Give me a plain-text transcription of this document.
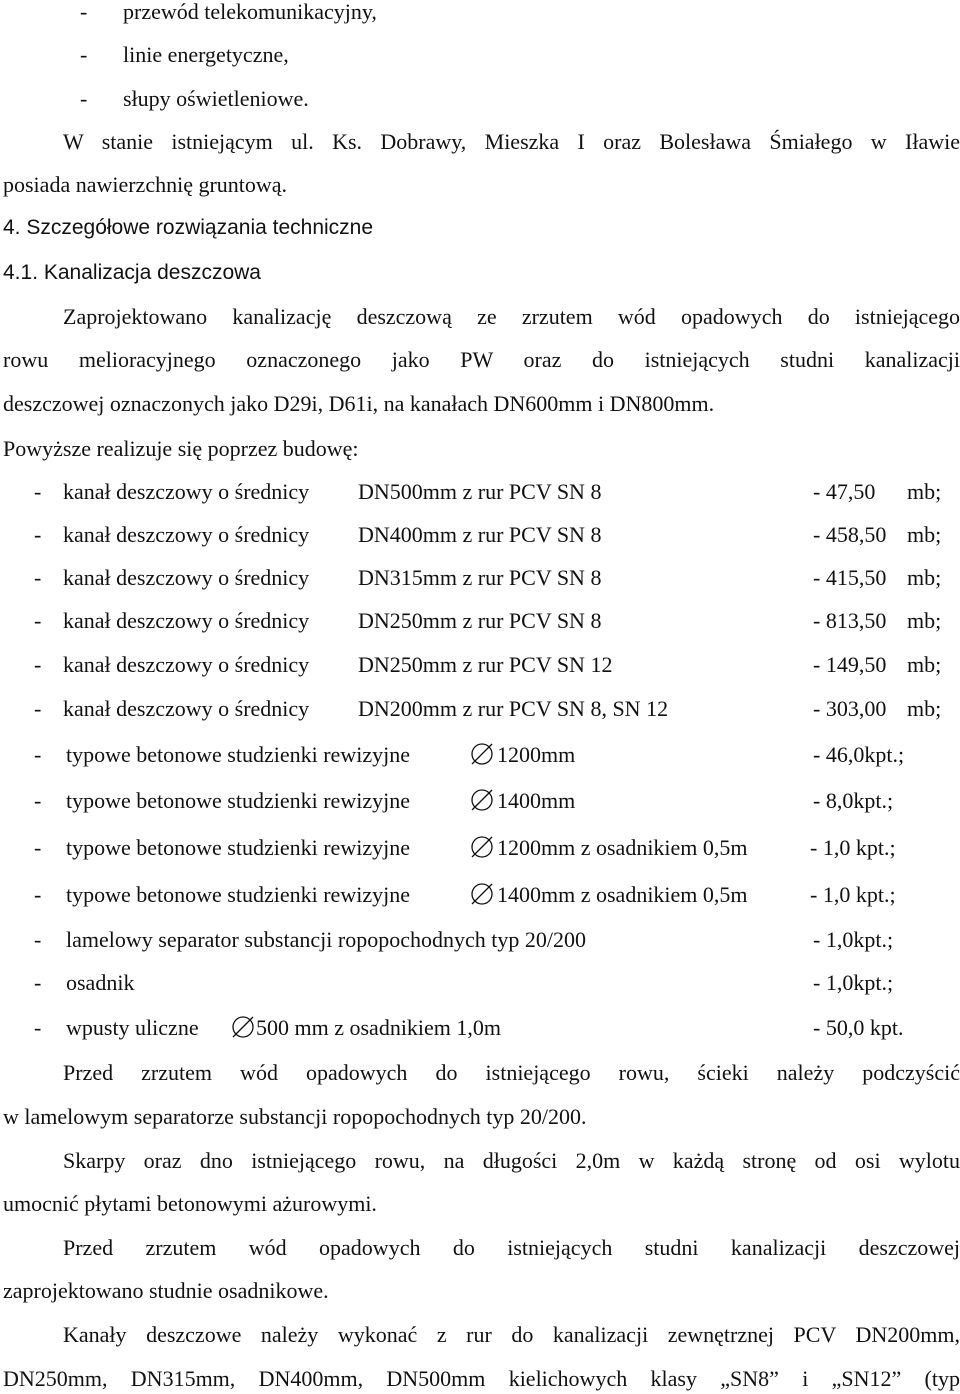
- przewód telekomunikacyjny,
- linie energetyczne,
- słupy oświetleniowe.
W stanie istniejącym ul. Ks. Dobrawy, Mieszka I oraz Bolesława Śmiałego w Iławie
posiada nawierzchnię gruntową.
4. Szczegółowe rozwiązania techniczne
4.1. Kanalizacja deszczowa
Zaprojektowano kanalizację deszczową ze zrzutem wód opadowych do istniejącego
rowu melioracyjnego oznaczonego jako PW oraz do istniejących studni kanalizacji
deszczowej oznaczonych jako D29i, D61i, na kanałach DN600mm i DN800mm.
Powyższe realizuje się poprzez budowę:
- kanał deszczowy o średnicy DN500mm z rur PCV SN 8	- 47,50 mb;
- kanał deszczowy o średnicy DN400mm z rur PCV SN 8	- 458,50 mb;
- kanał deszczowy o średnicy DN315mm z rur PCV SN 8	- 415,50 mb;
- kanał deszczowy o średnicy DN250mm z rur PCV SN 8	- 813,50 mb;
- kanał deszczowy o średnicy DN250mm z rur PCV SN 12	- 149,50 mb;
- kanał deszczowy o średnicy DN200mm z rur PCV SN 8, SN 12	- 303,00 mb;
- typowe betonowe studzienki rewizyjne	1200mm	- 46,0kpt.;
- typowe betonowe studzienki rewizyjne	1400mm	- 8,0kpt.;
- typowe betonowe studzienki rewizyjne	1200mm z osadnikiem 0,5m	- 1,0 kpt.;
- typowe betonowe studzienki rewizyjne	1400mm z osadnikiem 0,5m	- 1,0 kpt.;
- lamelowy separator substancji ropopochodnych typ 20/200	- 1,0kpt.;
- osadnik	- 1,0kpt.;
- wpusty uliczne	500 mm z osadnikiem 1,0m	- 50,0 kpt.
Przed zrzutem wód opadowych do istniejącego rowu, ścieki należy podczyścić
w lamelowym separatorze substancji ropopochodnych typ 20/200.
Skarpy oraz dno istniejącego rowu, na długości 2,0m w każdą stronę od osi wylotu
umocnić płytami betonowymi ażurowymi.
Przed zrzutem wód opadowych do istniejących studni kanalizacji deszczowej
zaprojektowano studnie osadnikowe.
Kanały deszczowe należy wykonać z rur do kanalizacji zewnętrznej PCV DN200mm,
DN250mm, DN315mm, DN400mm, DN500mm kielichowych klasy „SN8” i „SN12” (typ
